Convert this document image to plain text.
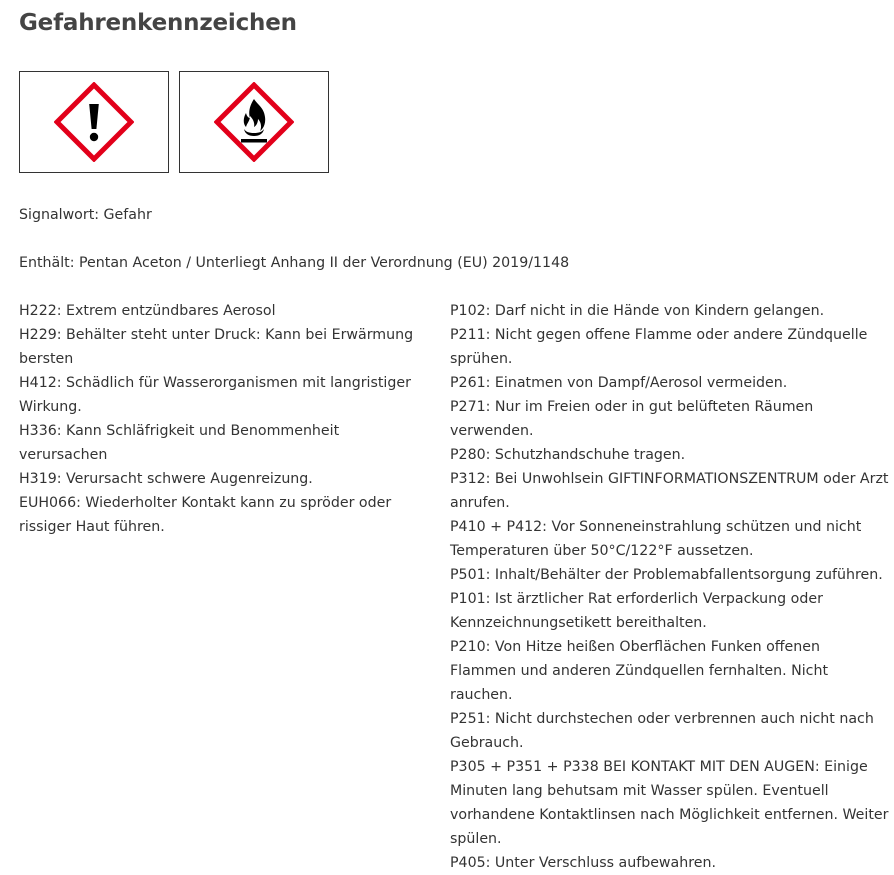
Gefahrenkennzeichen
Signalwort: Gefahr
Enthält: Pentan Aceton / Unterliegt Anhang II der Verordnung (EU) 2019/1148

H222: Extrem entzündbares Aerosol

H229: Behälter steht unter Druck: Kann bei Erwärmung bersten

H412: Schädlich für Wasserorganismen mit langristiger Wirkung.

H336: Kann Schläfrigkeit und Benommenheit verursachen

H319: Verursacht schwere Augenreizung.

EUH066: Wiederholter Kontakt kann zu spröder oder rissiger Haut führen.

P102: Darf nicht in die Hände von Kindern gelangen.

P211: Nicht gegen offene Flamme oder andere Zündquelle sprühen.

P261: Einatmen von Dampf/Aerosol vermeiden.

P271: Nur im Freien oder in gut belüfteten Räumen verwenden.

P280: Schutzhandschuhe tragen.

P312: Bei Unwohlsein GIFTINFORMATIONSZENTRUM oder Arzt anrufen.

P410 + P412: Vor Sonneneinstrahlung schützen und nicht Temperaturen über 50°C/122°F aussetzen.

P501: Inhalt/Behälter der Problemabfallentsorgung zuführen.

P101: Ist ärztlicher Rat erforderlich Verpackung oder Kennzeichnungsetikett bereithalten.

P210: Von Hitze heißen Oberflächen Funken offenen Flammen und anderen Zündquellen fernhalten. Nicht rauchen.

P251: Nicht durchstechen oder verbrennen auch nicht nach Gebrauch.

P305 + P351 + P338 BEI KONTAKT MIT DEN AUGEN: Einige Minuten lang behutsam mit Wasser spülen. Eventuell vorhandene Kontaktlinsen nach Möglichkeit entfernen. Weiter spülen.

P405: Unter Verschluss aufbewahren.
